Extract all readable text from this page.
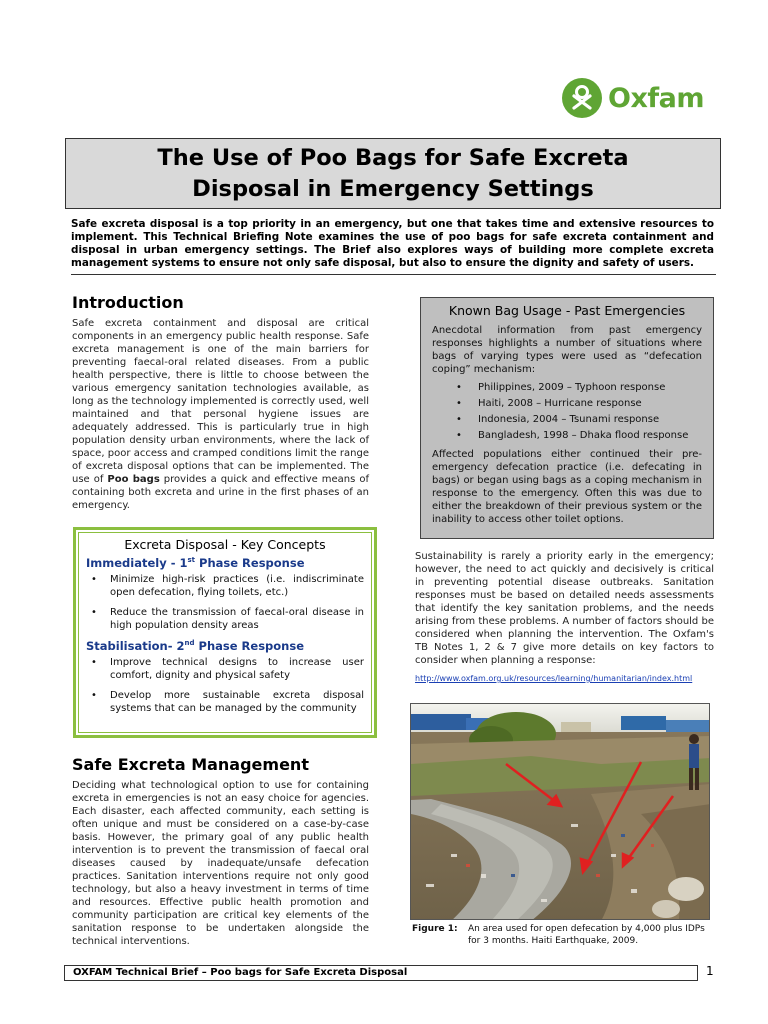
Oxfam
The Use of Poo Bags for Safe Excreta
Disposal in Emergency Settings

Safe excreta disposal is a top priority in an emergency, but one that takes time and extensive resources to implement. This Technical Briefing Note examines the use of poo bags for safe excreta containment and disposal in urban emergency settings. The Brief also explores ways of building more complete excreta management systems to ensure not only safe disposal, but also to ensure the dignity and safety of users.

Introduction

Safe excreta containment and disposal are critical components in an emergency public health response. Safe excreta management is one of the main barriers for preventing faecal-oral related diseases. From a public health perspective, there is little to choose between the various emergency sanitation technologies available, as long as the technology implemented is correctly used, well maintained and that personal hygiene issues are adequately addressed. This is particularly true in high population density urban environments, where the lack of space, poor access and cramped conditions limit the range of excreta disposal options that can be implemented. The use of Poo bags provides a quick and effective means of containing both excreta and urine in the first phases of an emergency.

Known Bag Usage - Past Emergencies

Anecdotal information from past emergency responses highlights a number of situations where bags of varying types were used as “defecation coping” mechanism:

• Philippines, 2009 – Typhoon response
• Haiti, 2008 – Hurricane response
• Indonesia, 2004 – Tsunami response
• Bangladesh, 1998 – Dhaka flood response

Affected populations either continued their pre-emergency defecation practice (i.e. defecating in bags) or began using bags as a coping mechanism in response to the emergency. Often this was due to either the breakdown of their previous system or the inability to access other toilet options.

Excreta Disposal - Key Concepts
Immediately - 1st Phase Response
• Minimize high-risk practices (i.e. indiscriminate open defecation, flying toilets, etc.)
• Reduce the transmission of faecal-oral disease in high population density areas
Stabilisation- 2nd Phase Response
• Improve technical designs to increase user comfort, dignity and physical safety
• Develop more sustainable excreta disposal systems that can be managed by the community

Sustainability is rarely a priority early in the emergency; however, the need to act quickly and decisively is critical in preventing potential disease outbreaks. Sanitation responses must be based on detailed needs assessments that identify the key sanitation problems, and the needs arising from these problems. A number of factors should be considered when planning the intervention. The Oxfam's TB Notes 1, 2 & 7 give more details on key factors to consider when planning a response:

http://www.oxfam.org.uk/resources/learning/humanitarian/index.html
Safe Excreta Management

Deciding what technological option to use for containing excreta in emergencies is not an easy choice for agencies. Each disaster, each affected community, each setting is often unique and must be considered on a case-by-case basis. However, the primary goal of any public health intervention is to prevent the transmission of faecal oral diseases caused by inadequate/unsafe defecation practices. Sanitation interventions require not only good technology, but also a heavy investment in terms of time and resources. Effective public health promotion and community participation are critical key elements of the sanitation response to be undertaken alongside the technical interventions.

Figure 1: An area used for open defecation by 4,000 plus IDPs for 3 months. Haiti Earthquake, 2009.
OXFAM Technical Brief – Poo bags for Safe Excreta Disposal	1
